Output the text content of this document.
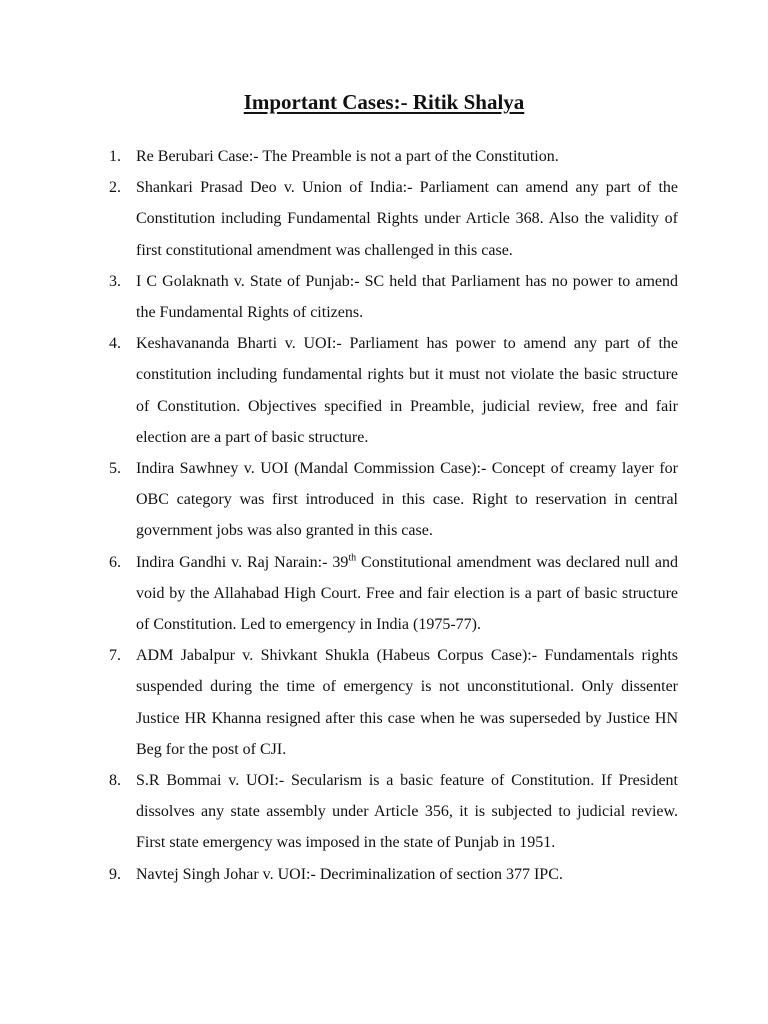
Important Cases:- Ritik Shalya
1. Re Berubari Case:- The Preamble is not a part of the Constitution.
2. Shankari Prasad Deo v. Union of India:- Parliament can amend any part of the Constitution including Fundamental Rights under Article 368. Also the validity of first constitutional amendment was challenged in this case.
3. I C Golaknath v. State of Punjab:- SC held that Parliament has no power to amend the Fundamental Rights of citizens.
4. Keshavananda Bharti v. UOI:- Parliament has power to amend any part of the constitution including fundamental rights but it must not violate the basic structure of Constitution. Objectives specified in Preamble, judicial review, free and fair election are a part of basic structure.
5. Indira Sawhney v. UOI (Mandal Commission Case):- Concept of creamy layer for OBC category was first introduced in this case. Right to reservation in central government jobs was also granted in this case.
6. Indira Gandhi v. Raj Narain:- 39th Constitutional amendment was declared null and void by the Allahabad High Court. Free and fair election is a part of basic structure of Constitution. Led to emergency in India (1975-77).
7. ADM Jabalpur v. Shivkant Shukla (Habeus Corpus Case):- Fundamentals rights suspended during the time of emergency is not unconstitutional. Only dissenter Justice HR Khanna resigned after this case when he was superseded by Justice HN Beg for the post of CJI.
8. S.R Bommai v. UOI:- Secularism is a basic feature of Constitution. If President dissolves any state assembly under Article 356, it is subjected to judicial review. First state emergency was imposed in the state of Punjab in 1951.
9. Navtej Singh Johar v. UOI:- Decriminalization of section 377 IPC.
